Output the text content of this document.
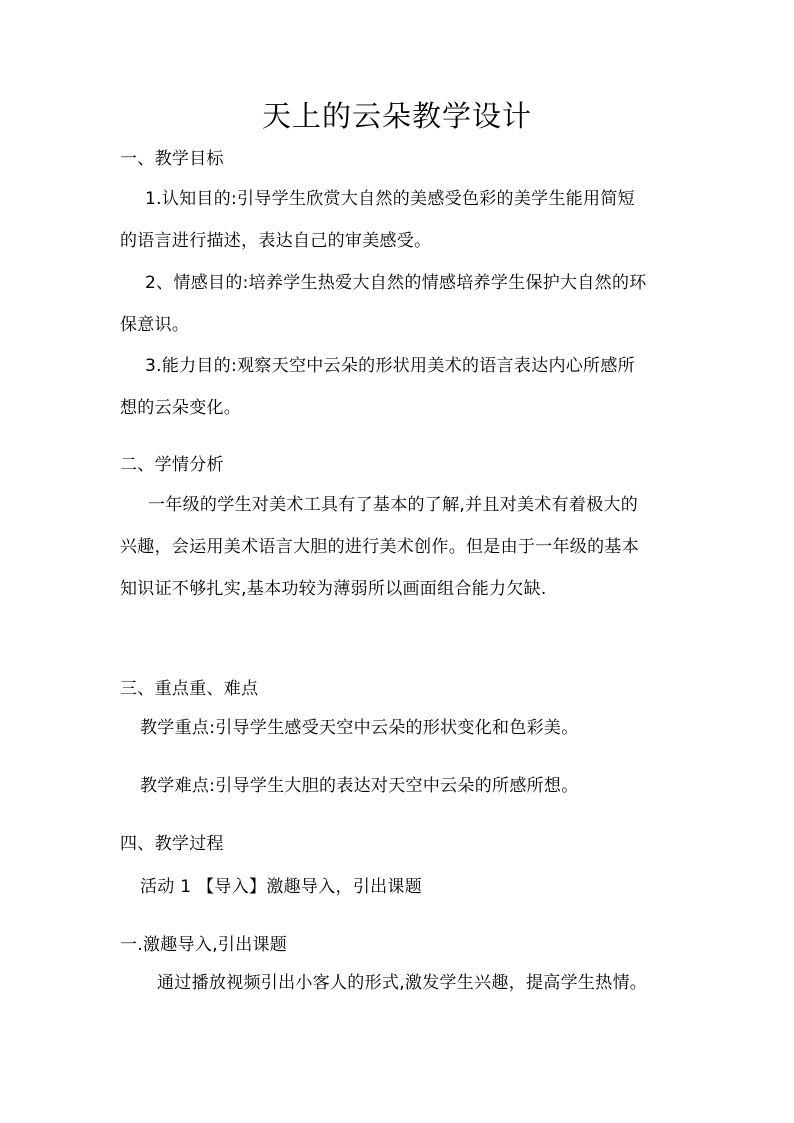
天上的云朵教学设计
一、教学目标
1.认知目的:引导学生欣赏大自然的美感受色彩的美学生能用简短
的语言进行描述，表达自己的审美感受。
2、情感目的:培养学生热爱大自然的情感培养学生保护大自然的环
保意识。
3.能力目的:观察天空中云朵的形状用美术的语言表达内心所感所
想的云朵变化。
二、学情分析
一年级的学生对美术工具有了基本的了解,并且对美术有着极大的
兴趣，会运用美术语言大胆的进行美术创作。但是由于一年级的基本
知识证不够扎实,基本功较为薄弱所以画面组合能力欠缺.
三、重点重、难点
教学重点:引导学生感受天空中云朵的形状变化和色彩美。
教学难点:引导学生大胆的表达对天空中云朵的所感所想。
四、教学过程
活动 1 【导入】激趣导入，引出课题
一.激趣导入,引出课题
通过播放视频引出小客人的形式,激发学生兴趣，提高学生热情。
